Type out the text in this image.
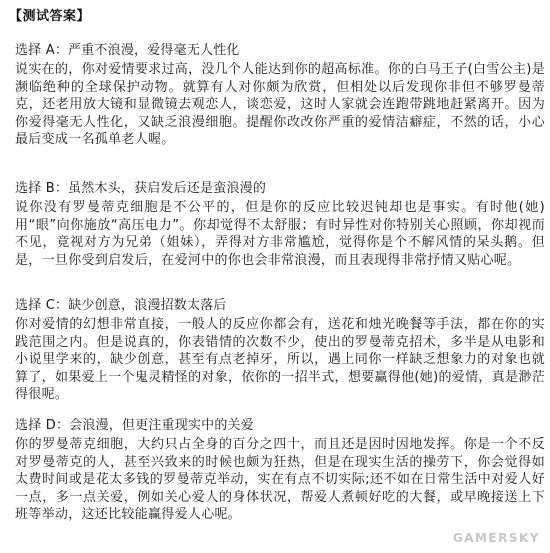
【测试答案】
选择 A：严重不浪漫，爱得毫无人性化
说实在的，你对爱情要求过高，没几个人能达到你的超高标准。你的白马王子(白雪公主)是濒临绝种的全球保护动物。就算有人对你颇为欣赏，但相处以后发现你非但不够罗曼蒂克，还老用放大镜和显微镜去观恋人，谈恋爱，这时人家就会连跑带跳地赶紧离开。因为你爱得毫无人性化，又缺乏浪漫细胞。提醒你改改你严重的爱情洁癖症，不然的话，小心最后变成一名孤单老人喔。
选择 B：虽然木头，获启发后还是蛮浪漫的
说你没有罗曼蒂克细胞是不公平的，但是你的反应比较迟钝却也是事实。有时他(她)用“眼”向你施放“高压电力”。你却觉得不太舒服；有时异性对你特别关心照顾，你却视而不见，竟视对方为兄弟（姐妹），弄得对方非常尴尬，觉得你是个不解风情的呆头鹅。但是，一旦你受到启发后，在爱河中的你也会非常浪漫，而且表现得非常抒情又贴心呢。
选择 C：缺少创意，浪漫招数太落后
你对爱情的幻想非常直接，一般人的反应你都会有，送花和烛光晚餐等手法，都在你的实践范围之内。但是说真的，你表错情的次数不少，使出的罗曼蒂克招术，多半是从电影和小说里学来的，缺少创意，甚至有点老掉牙，所以，遇上同你一样缺乏想象力的对象也就算了，如果爱上一个鬼灵精怪的对象，依你的一招半式，想要赢得他(她)的爱情，真是渺茫得很呢。
选择 D：会浪漫，但更注重现实中的关爱
你的罗曼蒂克细胞，大约只占全身的百分之四十，而且还是因时因地发挥。你是一个不反对罗曼蒂克的人，甚至兴致来的时候也颇为狂热，但是在现实生活的操劳下，你会觉得如太费时间或是花太多钱的罗曼蒂克举动，实在有点不切实际;还不如在日常生活中对爱人好一点，多一点关爱，例如关心爱人的身体状况，帮爱人煮顿好吃的大餐，或早晚接送上下班等举动，这还比较能赢得爱人心呢。
GAMERSKY
